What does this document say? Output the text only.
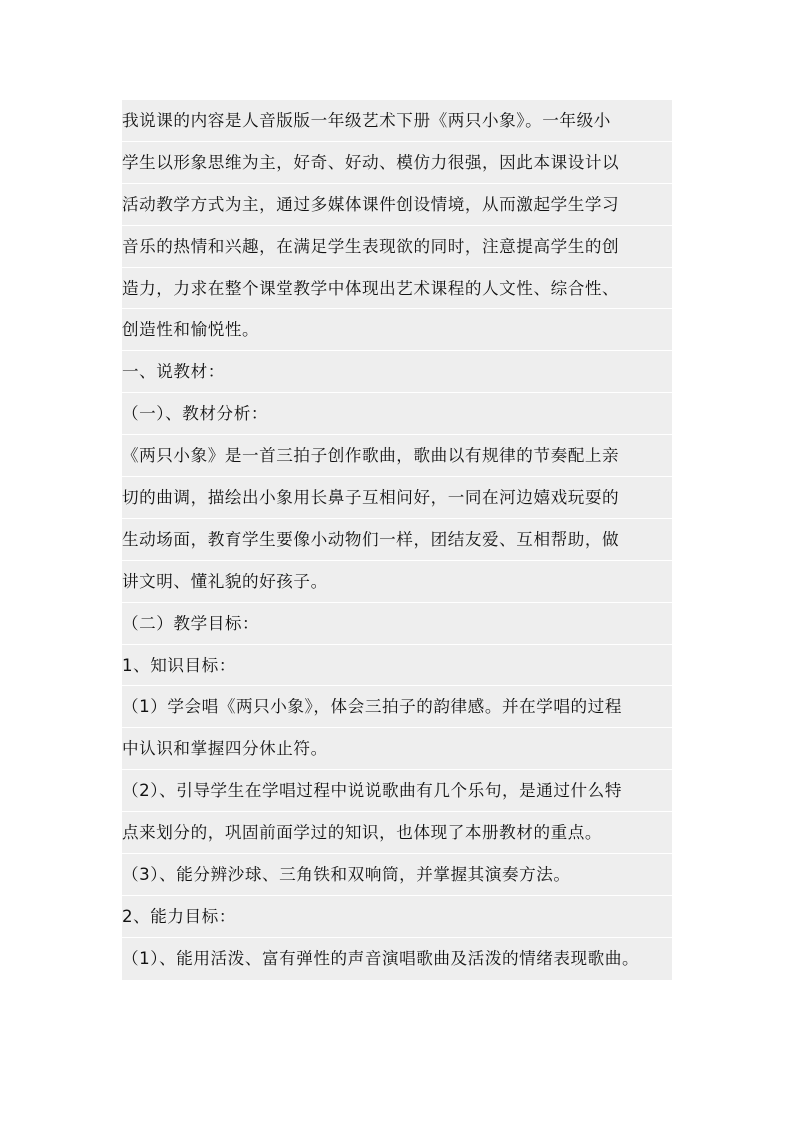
我说课的内容是人音版版一年级艺术下册《两只小象》。一年级小
学生以形象思维为主，好奇、好动、模仿力很强，因此本课设计以
活动教学方式为主，通过多媒体课件创设情境，从而激起学生学习
音乐的热情和兴趣，在满足学生表现欲的同时，注意提高学生的创
造力，力求在整个课堂教学中体现出艺术课程的人文性、综合性、
创造性和愉悦性。
一、说教材：
（一）、教材分析：
《两只小象》是一首三拍子创作歌曲，歌曲以有规律的节奏配上亲
切的曲调，描绘出小象用长鼻子互相问好，一同在河边嬉戏玩耍的
生动场面，教育学生要像小动物们一样，团结友爱、互相帮助，做
讲文明、懂礼貌的好孩子。
（二）教学目标：
1、知识目标：
（1）学会唱《两只小象》，体会三拍子的韵律感。并在学唱的过程
中认识和掌握四分休止符。
（2）、引导学生在学唱过程中说说歌曲有几个乐句，是通过什么特
点来划分的，巩固前面学过的知识，也体现了本册教材的重点。
（3）、能分辨沙球、三角铁和双响筒，并掌握其演奏方法。
2、能力目标：
（1）、能用活泼、富有弹性的声音演唱歌曲及活泼的情绪表现歌曲。
